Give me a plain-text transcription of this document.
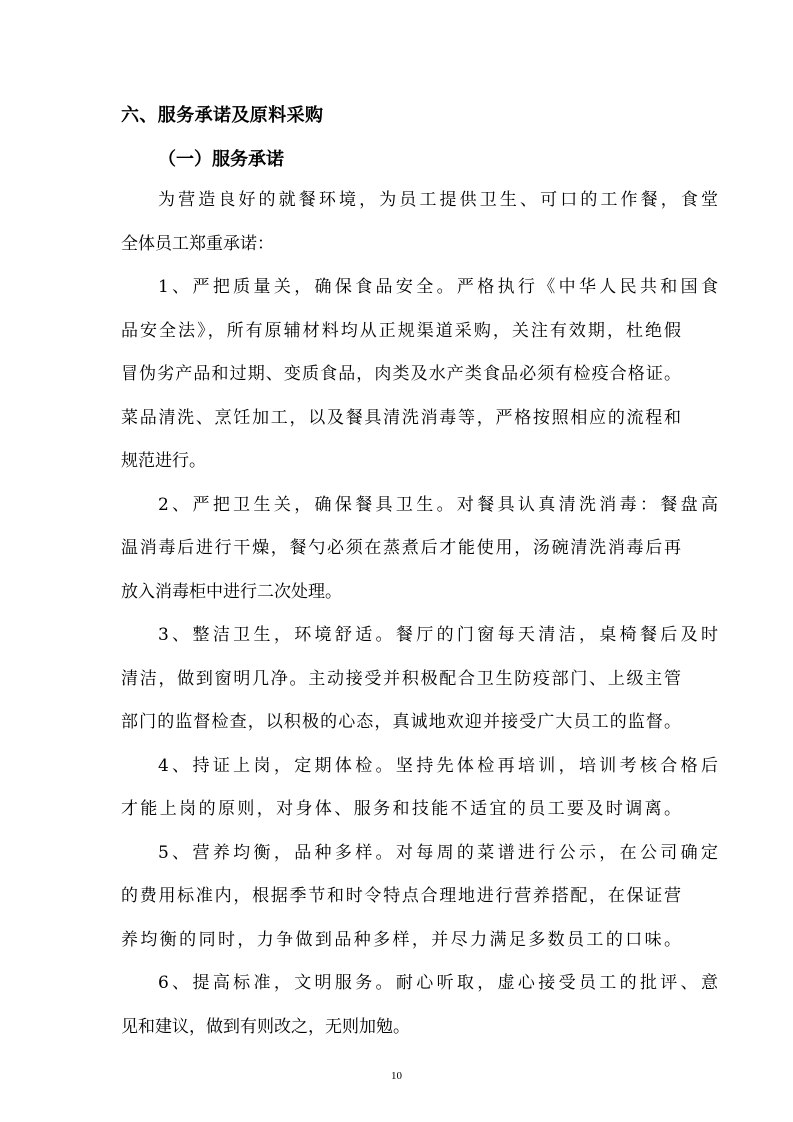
六、服务承诺及原料采购
（一）服务承诺
为营造良好的就餐环境，为员工提供卫生、可口的工作餐，食堂
全体员工郑重承诺：
1、严把质量关，确保食品安全。严格执行《中华人民共和国食
品安全法》，所有原辅材料均从正规渠道采购，关注有效期，杜绝假
冒伪劣产品和过期、变质食品，肉类及水产类食品必须有检疫合格证。
菜品清洗、烹饪加工，以及餐具清洗消毒等，严格按照相应的流程和
规范进行。
2、严把卫生关，确保餐具卫生。对餐具认真清洗消毒：餐盘高
温消毒后进行干燥，餐勺必须在蒸煮后才能使用，汤碗清洗消毒后再
放入消毒柜中进行二次处理。
3、整洁卫生，环境舒适。餐厅的门窗每天清洁，桌椅餐后及时
清洁，做到窗明几净。主动接受并积极配合卫生防疫部门、上级主管
部门的监督检查，以积极的心态，真诚地欢迎并接受广大员工的监督。
4、持证上岗，定期体检。坚持先体检再培训，培训考核合格后
才能上岗的原则，对身体、服务和技能不适宜的员工要及时调离。
5、营养均衡，品种多样。对每周的菜谱进行公示，在公司确定
的费用标准内，根据季节和时令特点合理地进行营养搭配，在保证营
养均衡的同时，力争做到品种多样，并尽力满足多数员工的口味。
6、提高标准，文明服务。耐心听取，虚心接受员工的批评、意
见和建议，做到有则改之，无则加勉。
10
